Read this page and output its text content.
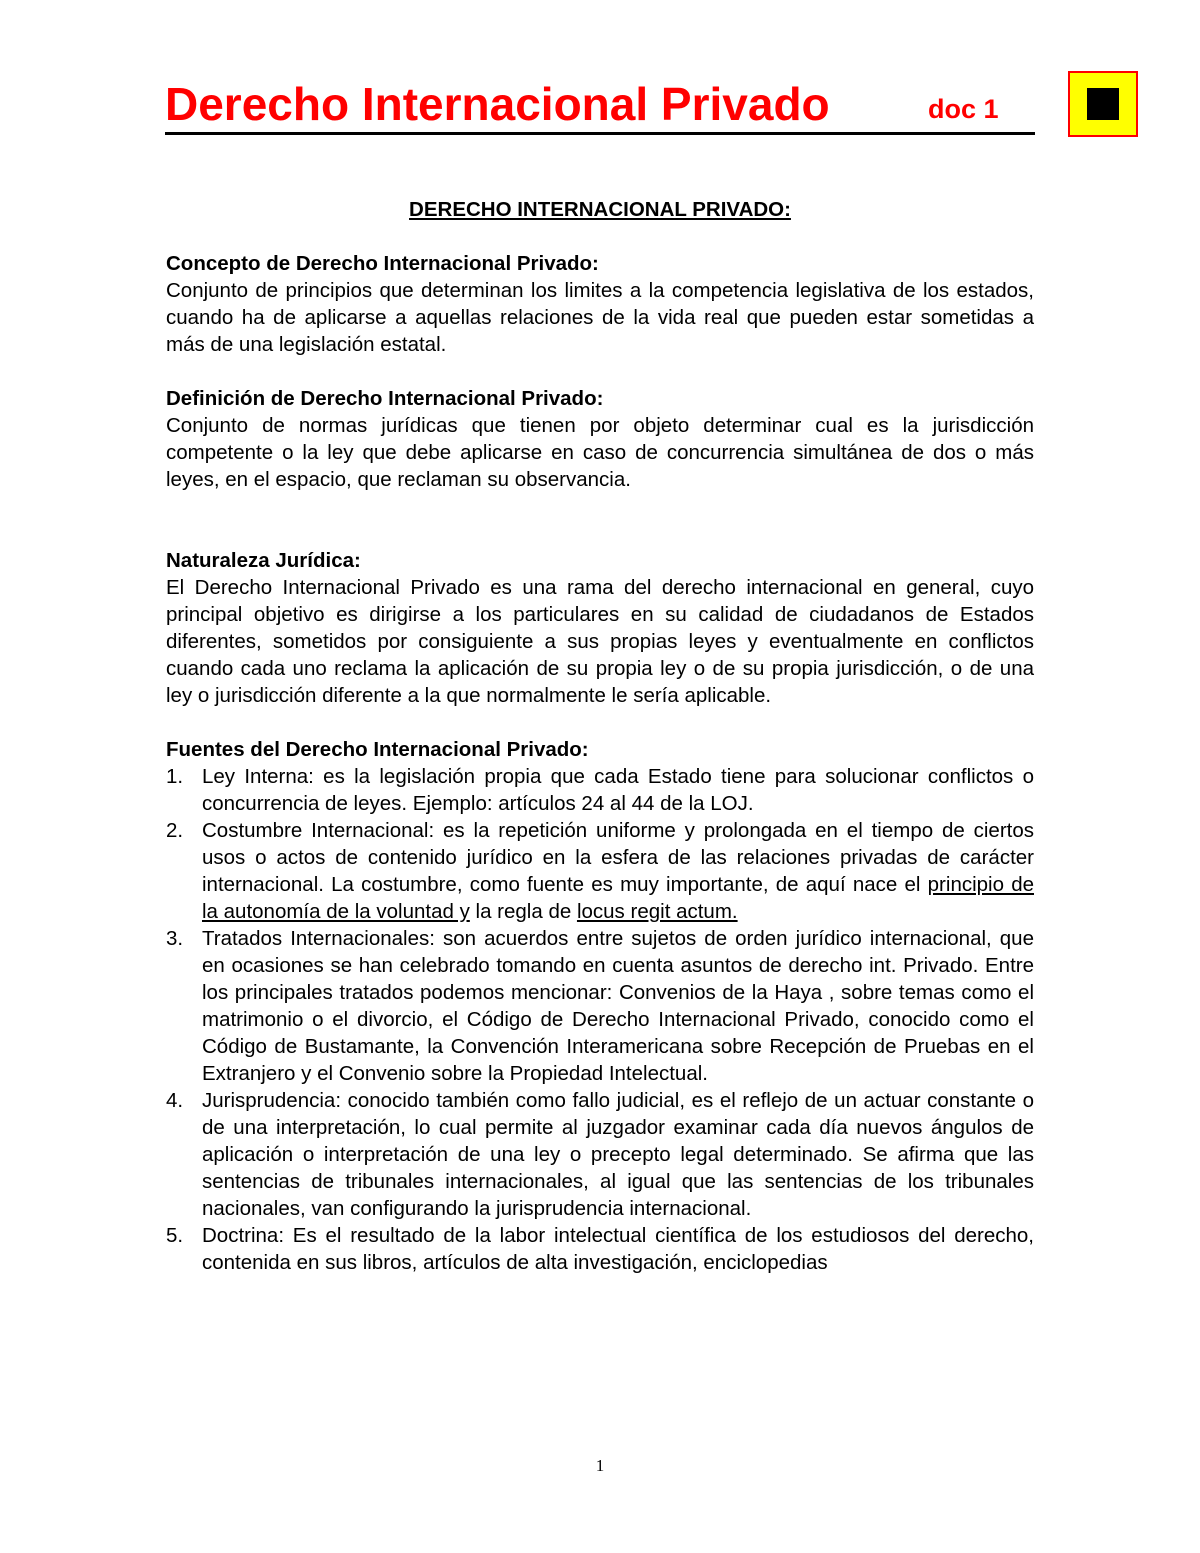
Derecho Internacional Privado	doc 1
DERECHO INTERNACIONAL PRIVADO:
Concepto de Derecho Internacional Privado:

Conjunto de principios que determinan los limites a la competencia legislativa de los estados, cuando ha de aplicarse a aquellas relaciones de la vida real que pueden estar sometidas a más de una legislación estatal.

Definición de Derecho Internacional Privado:

Conjunto de normas jurídicas que tienen por objeto determinar cual es la jurisdicción competente o la ley que debe aplicarse en caso de concurrencia simultánea de dos o más leyes, en el espacio, que reclaman su observancia.

Naturaleza Jurídica:

El Derecho Internacional Privado es una rama del derecho internacional en general, cuyo principal objetivo es dirigirse a los particulares en su calidad de ciudadanos de Estados diferentes, sometidos por consiguiente a sus propias leyes y eventualmente en conflictos cuando cada uno reclama la aplicación de su propia ley o de su propia jurisdicción, o de una ley o jurisdicción diferente a la que normalmente le sería aplicable.

Fuentes del Derecho Internacional Privado:
1. Ley Interna: es la legislación propia que cada Estado tiene para solucionar conflictos o concurrencia de leyes. Ejemplo: artículos 24 al 44 de la LOJ.
2. Costumbre Internacional: es la repetición uniforme y prolongada en el tiempo de ciertos usos o actos de contenido jurídico en la esfera de las relaciones privadas de carácter internacional. La costumbre, como fuente es muy importante, de aquí nace el principio de la autonomía de la voluntad y la regla de locus regit actum.
3. Tratados Internacionales: son acuerdos entre sujetos de orden jurídico internacional, que en ocasiones se han celebrado tomando en cuenta asuntos de derecho int. Privado. Entre los principales tratados podemos mencionar: Convenios de la Haya , sobre temas como el matrimonio o el divorcio, el Código de Derecho Internacional Privado, conocido como el Código de Bustamante, la Convención Interamericana sobre Recepción de Pruebas en el Extranjero y el Convenio sobre la Propiedad Intelectual.
4. Jurisprudencia: conocido también como fallo judicial, es el reflejo de un actuar constante o de una interpretación, lo cual permite al juzgador examinar cada día nuevos ángulos de aplicación o interpretación de una ley o precepto legal determinado. Se afirma que las sentencias de tribunales internacionales, al igual que las sentencias de los tribunales nacionales, van configurando la jurisprudencia internacional.
5. Doctrina: Es el resultado de la labor intelectual científica de los estudiosos del derecho, contenida en sus libros, artículos de alta investigación, enciclopedias
1
